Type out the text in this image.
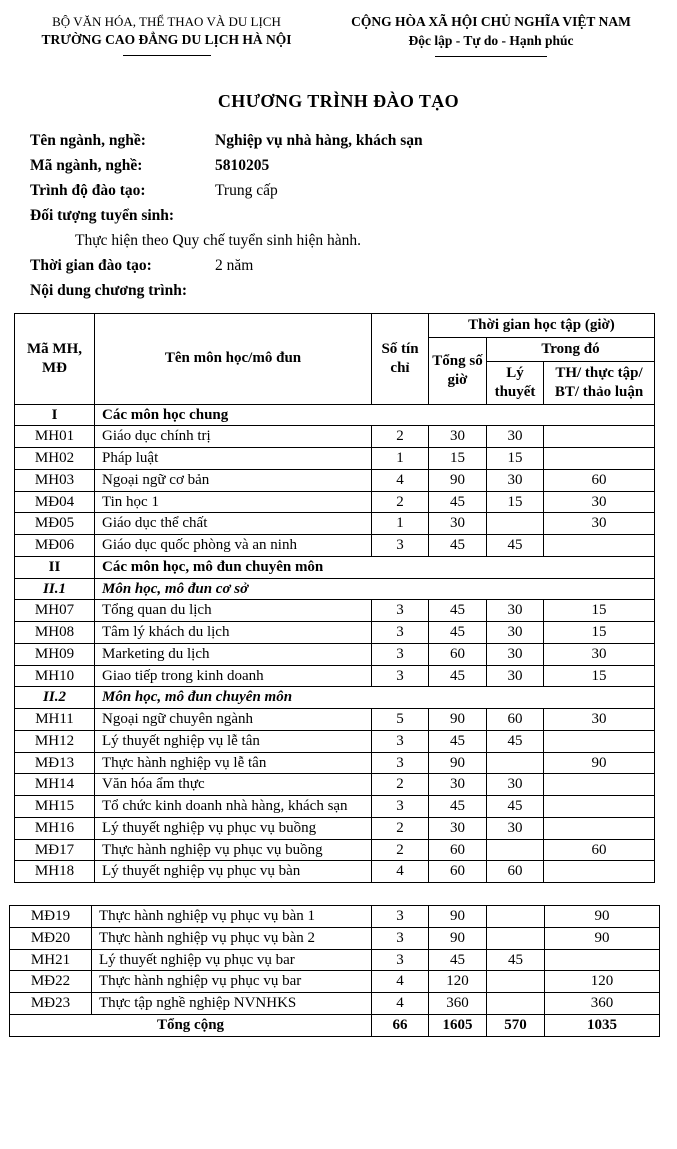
BỘ VĂN HÓA, THỂ THAO VÀ DU LỊCH
TRƯỜNG CAO ĐẲNG DU LỊCH HÀ NỘI
CỘNG HÒA XÃ HỘI CHỦ NGHĨA VIỆT NAM
Độc lập - Tự do - Hạnh phúc
CHƯƠNG TRÌNH ĐÀO TẠO
Tên ngành, nghề:	Nghiệp vụ nhà hàng, khách sạn
Mã ngành, nghề:	5810205
Trình độ đào tạo:	Trung cấp
Đối tượng tuyển sinh:
Thực hiện theo Quy chế tuyển sinh hiện hành.
Thời gian đào tạo:	2 năm
Nội dung chương trình:
Mã MH, MĐ	Tên môn học/mô đun	Số tín chỉ	Thời gian học tập (giờ)		
			Tổng số giờ	Trong đó	
				Lý thuyết	TH/ thực tập/ BT/ thảo luận
I	Các môn học chung				
MH01	Giáo dục chính trị	2	30	30	
MH02	Pháp luật	1	15	15	
MH03	Ngoại ngữ cơ bản	4	90	30	60
MĐ04	Tin học 1	2	45	15	30
MĐ05	Giáo dục thể chất	1	30		30
MĐ06	Giáo dục quốc phòng và an ninh	3	45	45	
II	Các môn học, mô đun chuyên môn				
II.1	Môn học, mô đun cơ sở				
MH07	Tổng quan du lịch	3	45	30	15
MH08	Tâm lý khách du lịch	3	45	30	15
MH09	Marketing du lịch	3	60	30	30
MH10	Giao tiếp trong kinh doanh	3	45	30	15
II.2	Môn học, mô đun chuyên môn				
MH11	Ngoại ngữ chuyên ngành	5	90	60	30
MH12	Lý thuyết nghiệp vụ lễ tân	3	45	45	
MĐ13	Thực hành nghiệp vụ lễ tân	3	90		90
MH14	Văn hóa ẩm thực	2	30	30	
MH15	Tổ chức kinh doanh nhà hàng, khách sạn	3	45	45	
MH16	Lý thuyết nghiệp vụ phục vụ buồng	2	30	30	
MĐ17	Thực hành nghiệp vụ phục vụ buồng	2	60		60
MH18	Lý thuyết nghiệp vụ phục vụ bàn	4	60	60	
MĐ19	Thực hành nghiệp vụ phục vụ bàn 1	3	90		90
MĐ20	Thực hành nghiệp vụ phục vụ bàn 2	3	90		90
MH21	Lý thuyết nghiệp vụ phục vụ bar	3	45	45	
MĐ22	Thực hành nghiệp vụ phục vụ bar	4	120		120
MĐ23	Thực tập nghề nghiệp NVNHKS	4	360		360
Tổng cộng		66	1605	570	1035
